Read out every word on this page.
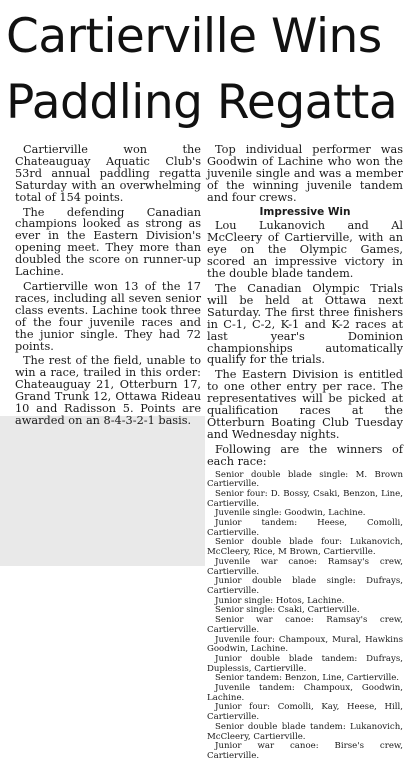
Cartierville Wins Paddling Regatta

Cartierville won the Chateauguay Aquatic Club's 53rd annual paddling regatta Saturday with an overwhelming total of 154 points.

The defending Canadian champions looked as strong as ever in the Eastern Division's opening meet. They more than doubled the score on runner-up Lachine.

Cartierville won 13 of the 17 races, including all seven senior class events. Lachine took three of the four juvenile races and the junior single. They had 72 points.

The rest of the field, unable to win a race, trailed in this order: Chateauguay 21, Otterburn 17, Grand Trunk 12, Ottawa Rideau 10 and Radisson 5. Points are awarded on an 8-4-3-2-1 basis.

Top individual performer was Goodwin of Lachine who won the juvenile single and was a member of the winning juvenile tandem and four crews.

Impressive Win

Lou Lukanovich and Al McCleery of Cartierville, with an eye on the Olympic Games, scored an impressive victory in the double blade tandem.

The Canadian Olympic Trials will be held at Ottawa next Saturday. The first three finishers in C-1, C-2, K-1 and K-2 races at last year's Dominion championships automatically qualify for the trials.

The Eastern Division is entitled to one other entry per race. The representatives will be picked at qualification races at the Otterburn Boating Club Tuesday and Wednesday nights.

Following are the winners of each race:

Senior double blade single: M. Brown Cartierville.

Senior four: D. Bossy, Csaki, Benzon, Line, Cartierville.

Juvenile single: Goodwin, Lachine.

Junior tandem: Heese, Comolli, Cartierville.

Senior double blade four: Lukanovich, McCleery, Rice, M Brown, Cartierville.

Juvenile war canoe: Ramsay's crew, Cartierville.

Junior double blade single: Dufrays, Cartierville.

Junior single: Hotos, Lachine.

Senior single: Csaki, Cartierville.

Senior war canoe: Ramsay's crew, Cartierville.

Juvenile four: Champoux, Mural, Hawkins Goodwin, Lachine.

Junior double blade tandem: Dufrays, Duplessis, Cartierville.

Senior tandem: Benzon, Line, Cartierville.

Juvenile tandem: Champoux, Goodwin, Lachine.

Junior four: Comolli, Kay, Heese, Hill, Cartierville.

Senior double blade tandem: Lukanovich, McCleery, Cartierville.

Junior war canoe: Birse's crew, Cartierville.
